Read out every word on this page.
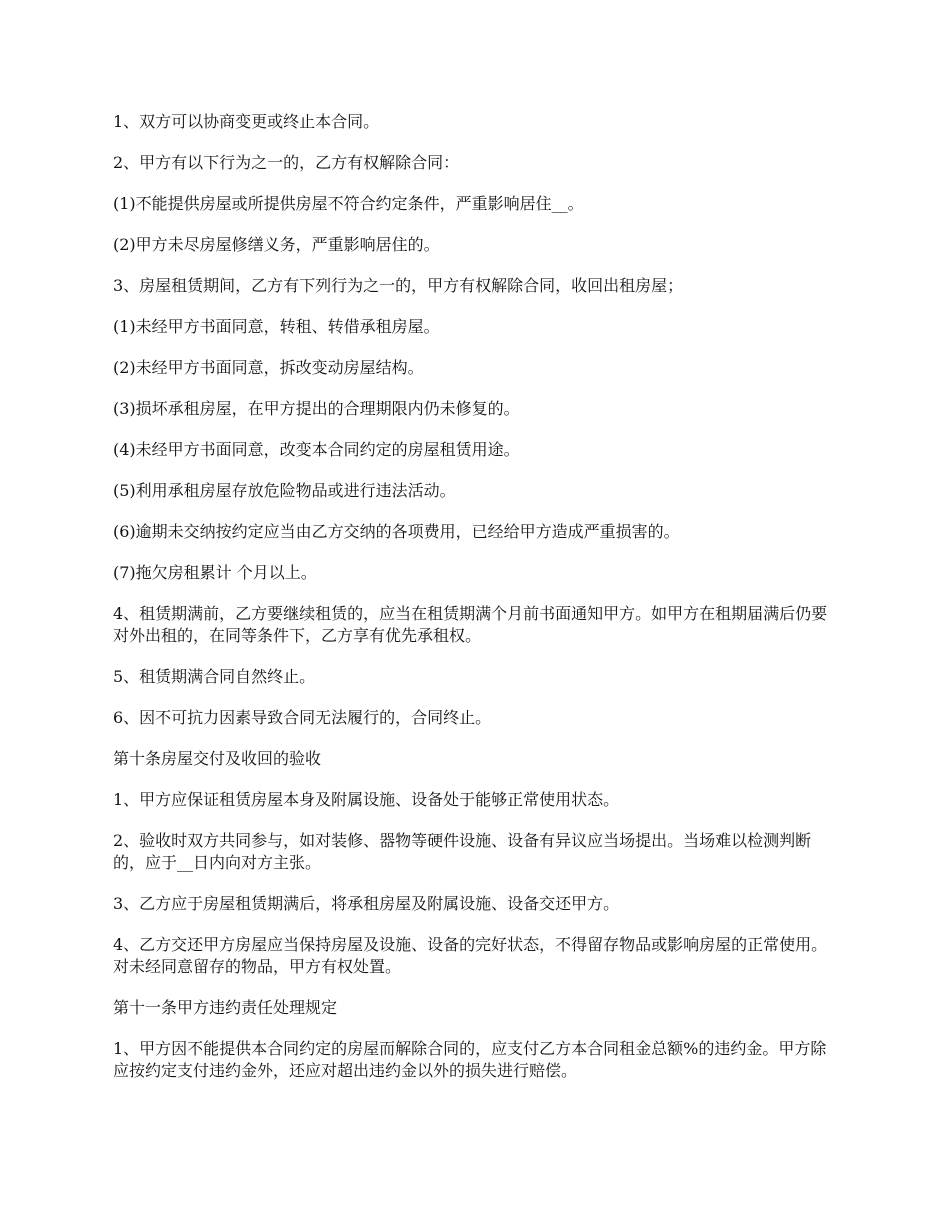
1、双方可以协商变更或终止本合同。

2、甲方有以下行为之一的，乙方有权解除合同：

(1)不能提供房屋或所提供房屋不符合约定条件，严重影响居住__。

(2)甲方未尽房屋修缮义务，严重影响居住的。

3、房屋租赁期间，乙方有下列行为之一的，甲方有权解除合同，收回出租房屋；

(1)未经甲方书面同意，转租、转借承租房屋。

(2)未经甲方书面同意，拆改变动房屋结构。

(3)损坏承租房屋，在甲方提出的合理期限内仍未修复的。

(4)未经甲方书面同意，改变本合同约定的房屋租赁用途。

(5)利用承租房屋存放危险物品或进行违法活动。

(6)逾期未交纳按约定应当由乙方交纳的各项费用，已经给甲方造成严重损害的。

(7)拖欠房租累计 个月以上。

4、租赁期满前，乙方要继续租赁的，应当在租赁期满个月前书面通知甲方。如甲方在租期届满后仍要对外出租的，在同等条件下，乙方享有优先承租权。

5、租赁期满合同自然终止。

6、因不可抗力因素导致合同无法履行的，合同终止。

第十条房屋交付及收回的验收

1、甲方应保证租赁房屋本身及附属设施、设备处于能够正常使用状态。

2、验收时双方共同参与，如对装修、器物等硬件设施、设备有异议应当场提出。当场难以检测判断的，应于__日内向对方主张。

3、乙方应于房屋租赁期满后，将承租房屋及附属设施、设备交还甲方。

4、乙方交还甲方房屋应当保持房屋及设施、设备的完好状态，不得留存物品或影响房屋的正常使用。对未经同意留存的物品，甲方有权处置。

第十一条甲方违约责任处理规定

1、甲方因不能提供本合同约定的房屋而解除合同的，应支付乙方本合同租金总额%的违约金。甲方除应按约定支付违约金外，还应对超出违约金以外的损失进行赔偿。
